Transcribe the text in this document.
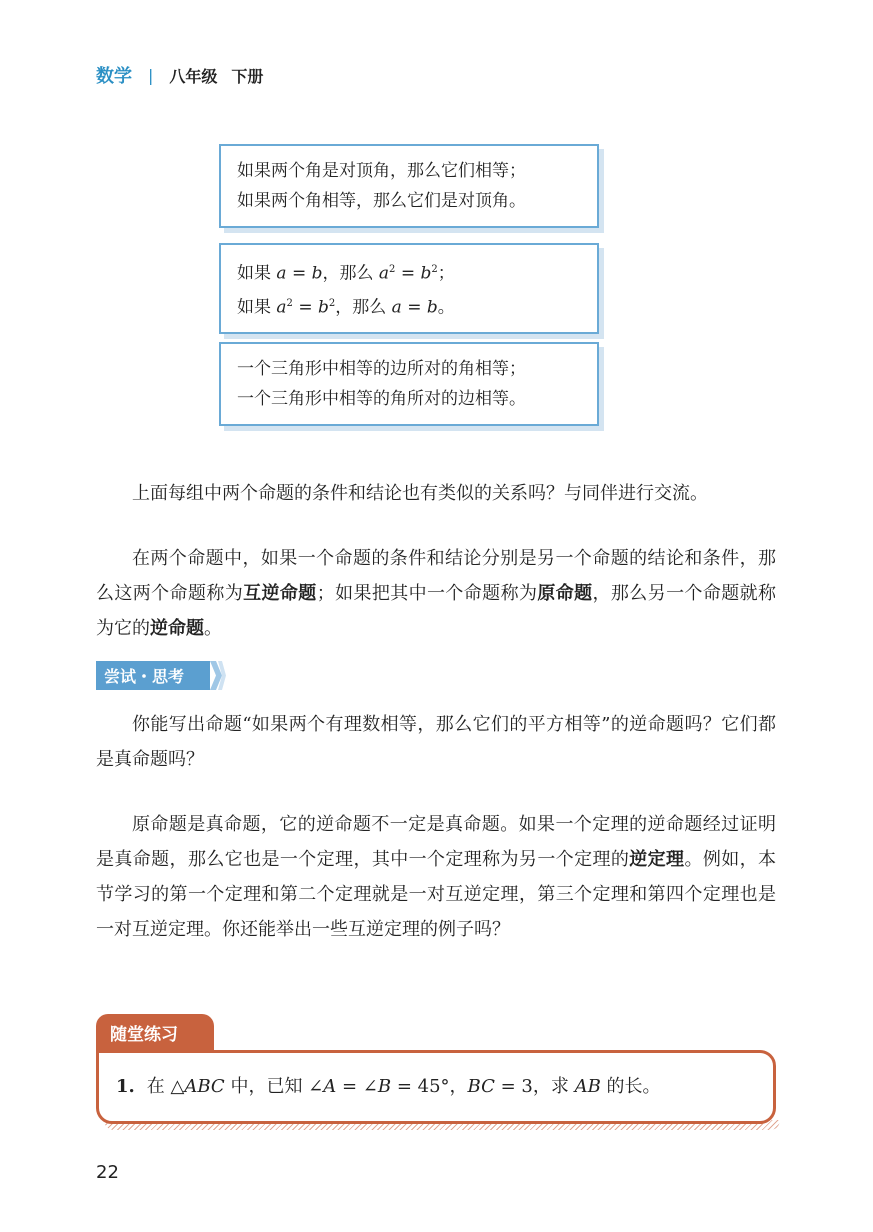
数学 | 八年级 下册
如果两个角是对顶角，那么它们相等；
如果两个角相等，那么它们是对顶角。
如果 a = b，那么 $a^2 = b^2$；
如果 $a^2 = b^2$，那么 a = b。
一个三角形中相等的边所对的角相等；
一个三角形中相等的角所对的边相等。
上面每组中两个命题的条件和结论也有类似的关系吗？与同伴进行交流。
在两个命题中，如果一个命题的条件和结论分别是另一个命题的结论和条件，那么这两个命题称为互逆命题；如果把其中一个命题称为原命题，那么另一个命题就称为它的逆命题。
尝试・思考
你能写出命题“如果两个有理数相等，那么它们的平方相等”的逆命题吗？它们都是真命题吗？
原命题是真命题，它的逆命题不一定是真命题。如果一个定理的逆命题经过证明是真命题，那么它也是一个定理，其中一个定理称为另一个定理的逆定理。例如，本节学习的第一个定理和第二个定理就是一对互逆定理，第三个定理和第四个定理也是一对互逆定理。你还能举出一些互逆定理的例子吗？
随堂练习
1. 在 △ABC 中，已知 ∠A = ∠B = 45°，BC = 3，求 AB 的长。
22
